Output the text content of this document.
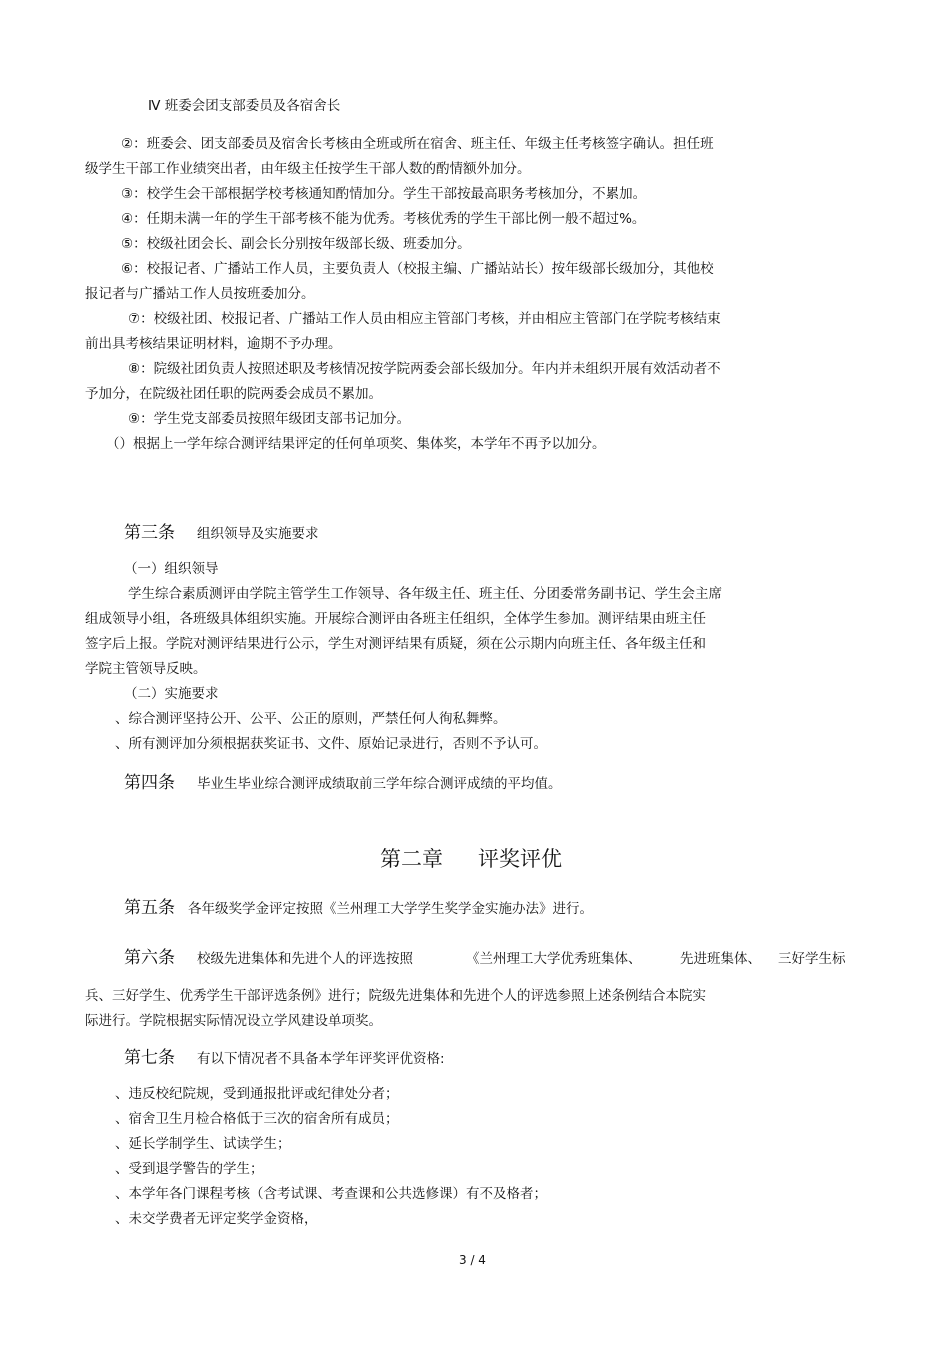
Ⅳ 班委会团支部委员及各宿舍长
②：班委会、团支部委员及宿舍长考核由全班或所在宿舍、班主任、年级主任考核签字确认。担任班
级学生干部工作业绩突出者，由年级主任按学生干部人数的酌情额外加分。
③：校学生会干部根据学校考核通知酌情加分。学生干部按最高职务考核加分，不累加。
④：任期未满一年的学生干部考核不能为优秀。考核优秀的学生干部比例一般不超过%。
⑤：校级社团会长、副会长分别按年级部长级、班委加分。
⑥：校报记者、广播站工作人员，主要负责人（校报主编、广播站站长）按年级部长级加分，其他校
报记者与广播站工作人员按班委加分。
⑦：校级社团、校报记者、广播站工作人员由相应主管部门考核，并由相应主管部门在学院考核结束
前出具考核结果证明材料，逾期不予办理。
⑧：院级社团负责人按照述职及考核情况按学院两委会部长级加分。年内并未组织开展有效活动者不
予加分，在院级社团任职的院两委会成员不累加。
⑨：学生党支部委员按照年级团支部书记加分。
（）根据上一学年综合测评结果评定的任何单项奖、集体奖，本学年不再予以加分。
第三条 组织领导及实施要求
（一）组织领导
学生综合素质测评由学院主管学生工作领导、各年级主任、班主任、分团委常务副书记、学生会主席
组成领导小组，各班级具体组织实施。开展综合测评由各班主任组织，全体学生参加。测评结果由班主任
签字后上报。学院对测评结果进行公示，学生对测评结果有质疑，须在公示期内向班主任、各年级主任和
学院主管领导反映。
（二）实施要求
、综合测评坚持公开、公平、公正的原则，严禁任何人徇私舞弊。
、所有测评加分须根据获奖证书、文件、原始记录进行，否则不予认可。
第四条 毕业生毕业综合测评成绩取前三学年综合测评成绩的平均值。
第二章 评奖评优
第五条 各年级奖学金评定按照《兰州理工大学学生奖学金实施办法》进行。
第六条 校级先进集体和先进个人的评选按照	《兰州理工大学优秀班集体、	先进班集体、 三好学生标
兵、三好学生、优秀学生干部评选条例》进行；院级先进集体和先进个人的评选参照上述条例结合本院实
际进行。学院根据实际情况设立学风建设单项奖。
第七条 有以下情况者不具备本学年评奖评优资格:
、违反校纪院规，受到通报批评或纪律处分者；
、宿舍卫生月检合格低于三次的宿舍所有成员；
、延长学制学生、试读学生；
、受到退学警告的学生；
、本学年各门课程考核（含考试课、考查课和公共选修课）有不及格者；
、未交学费者无评定奖学金资格，
3 / 4
